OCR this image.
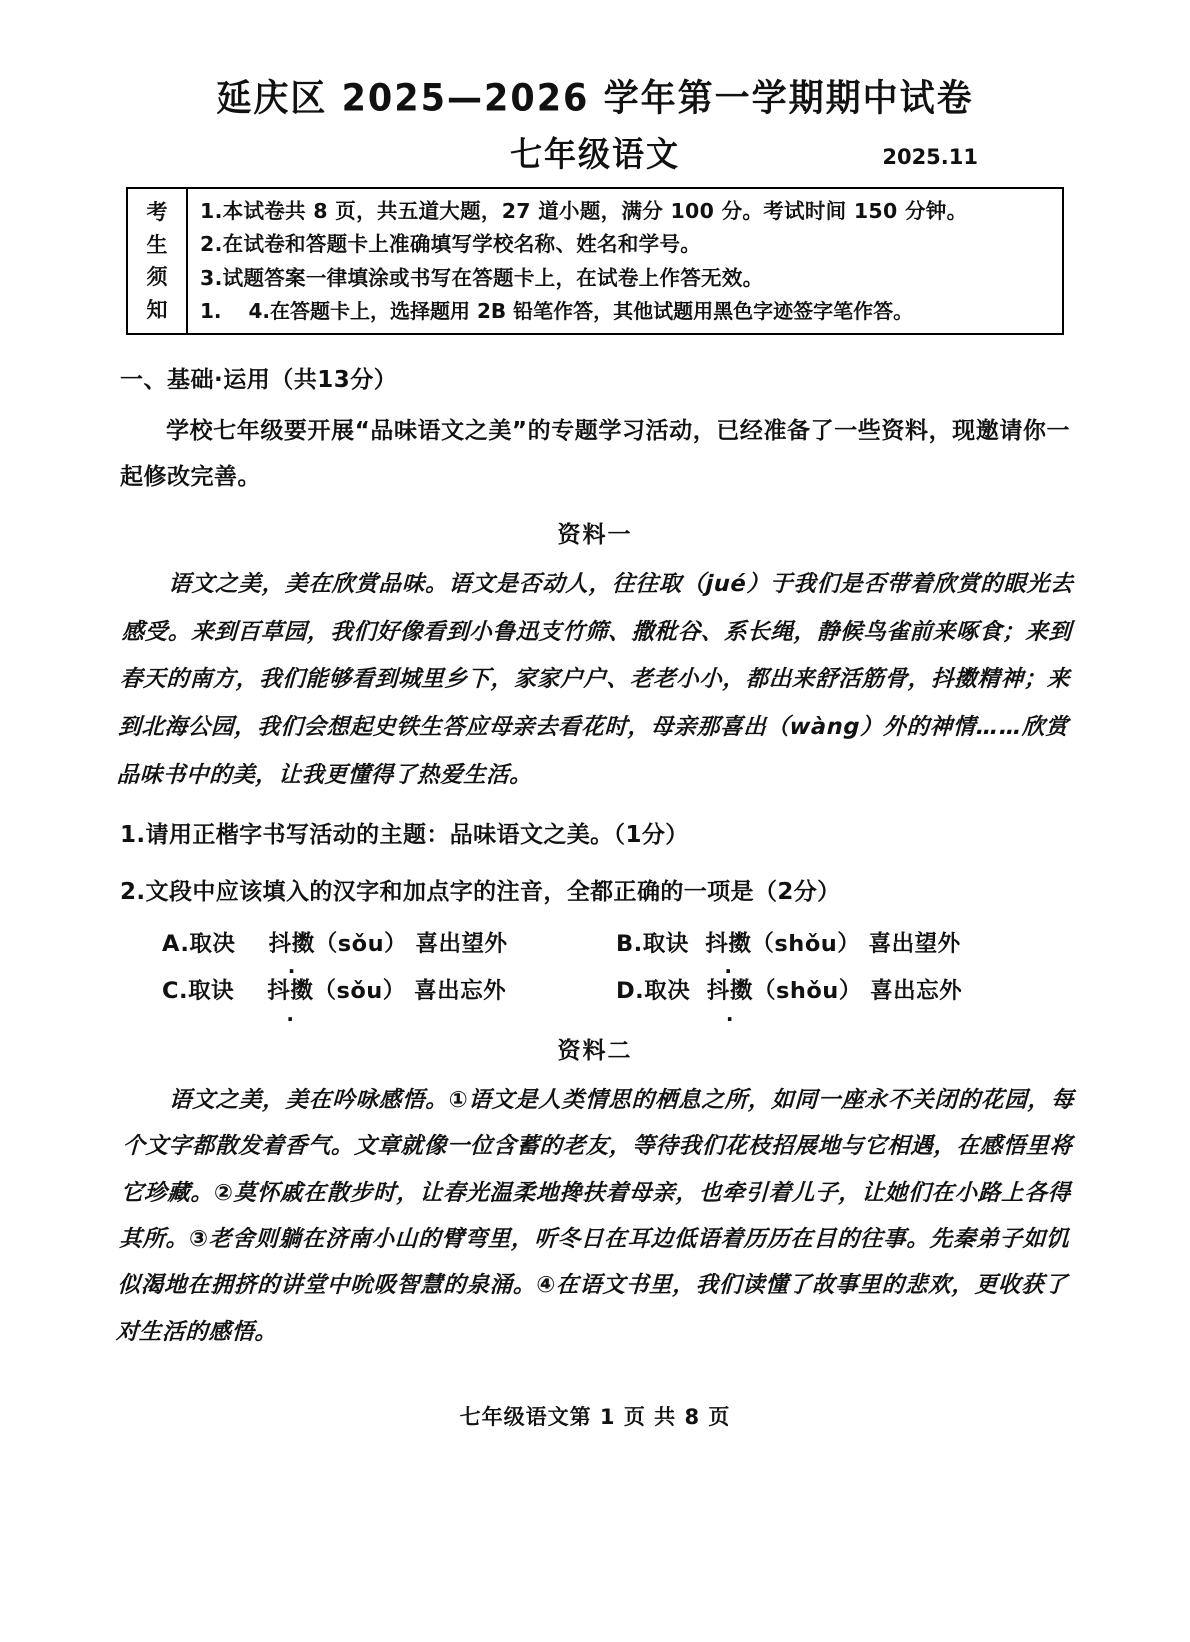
延庆区 2025—2026 学年第一学期期中试卷
七年级语文	2025.11
考
生
须
知
1.本试卷共 8 页，共五道大题，27 道小题，满分 100 分。考试时间 150 分钟。
2.在试卷和答题卡上准确填写学校名称、姓名和学号。
3.试题答案一律填涂或书写在答题卡上，在试卷上作答无效。
1.　 4.在答题卡上，选择题用 2B 铅笔作答，其他试题用黑色字迹签字笔作答。
一、基础·运用（共13分）

学校七年级要开展“品味语文之美”的专题学习活动，已经准备了一些资料，现邀请你一起修改完善。

资料一

语文之美，美在欣赏品味。语文是否动人，往往取（jué）于我们是否带着欣赏的眼光去感受。来到百草园，我们好像看到小鲁迅支竹筛、撒秕谷、系长绳，静候鸟雀前来啄食；来到春天的南方，我们能够看到城里乡下，家家户户、老老小小，都出来舒活筋骨，抖擞精神；来到北海公园，我们会想起史铁生答应母亲去看花时，母亲那喜出（wàng）外的神情……欣赏品味书中的美，让我更懂得了热爱生活。

1.请用正楷字书写活动的主题：品味语文之美。（1分）
2.文段中应该填入的汉字和加点字的注音，全都正确的一项是（2分）
A.取决 抖擞（sǒu） 喜出望外	B.取诀 抖擞（shǒu） 喜出望外
C.取诀 抖擞（sǒu） 喜出忘外	D.取决 抖擞（shǒu） 喜出忘外
资料二

语文之美，美在吟咏感悟。①语文是人类情思的栖息之所，如同一座永不关闭的花园，每个文字都散发着香气。文章就像一位含蓄的老友，等待我们花枝招展地与它相遇，在感悟里将它珍藏。②莫怀戚在散步时，让春光温柔地搀扶着母亲，也牵引着儿子，让她们在小路上各得其所。③老舍则躺在济南小山的臂弯里，听冬日在耳边低语着历历在目的往事。先秦弟子如饥似渴地在拥挤的讲堂中吮吸智慧的泉涌。④在语文书里，我们读懂了故事里的悲欢，更收获了对生活的感悟。

七年级语文第 1 页 共 8 页
